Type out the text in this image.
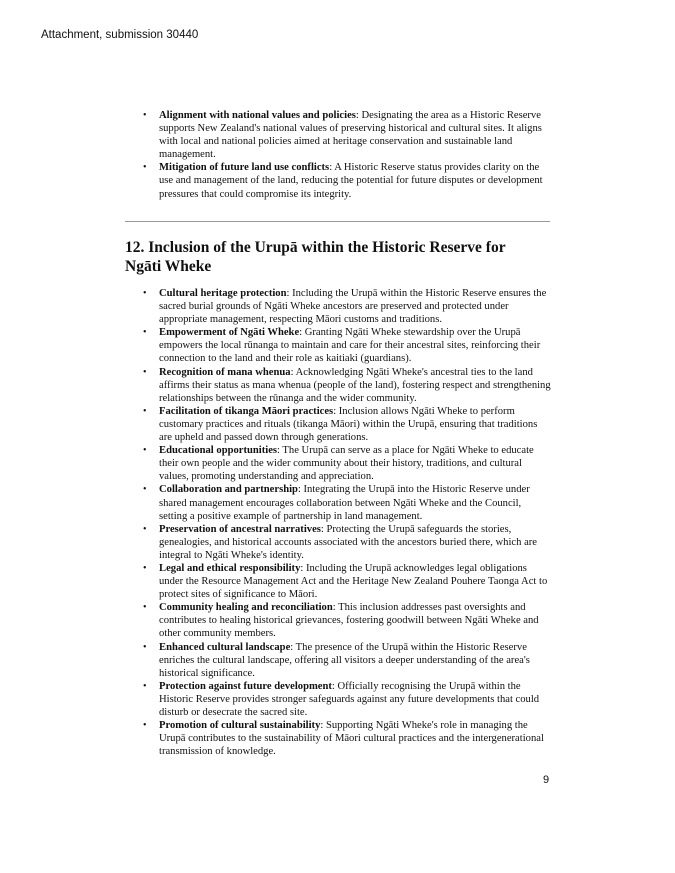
Attachment, submission 30440
• Alignment with national values and policies: Designating the area as a Historic Reserve supports New Zealand's national values of preserving historical and cultural sites. It aligns with local and national policies aimed at heritage conservation and sustainable land management.
• Mitigation of future land use conflicts: A Historic Reserve status provides clarity on the use and management of the land, reducing the potential for future disputes or development pressures that could compromise its integrity.
12. Inclusion of the Urupā within the Historic Reserve for Ngāti Wheke
• Cultural heritage protection: Including the Urupā within the Historic Reserve ensures the sacred burial grounds of Ngāti Wheke ancestors are preserved and protected under appropriate management, respecting Māori customs and traditions.
• Empowerment of Ngāti Wheke: Granting Ngāti Wheke stewardship over the Urupā empowers the local rūnanga to maintain and care for their ancestral sites, reinforcing their connection to the land and their role as kaitiaki (guardians).
• Recognition of mana whenua: Acknowledging Ngāti Wheke's ancestral ties to the land affirms their status as mana whenua (people of the land), fostering respect and strengthening relationships between the rūnanga and the wider community.
• Facilitation of tikanga Māori practices: Inclusion allows Ngāti Wheke to perform customary practices and rituals (tikanga Māori) within the Urupā, ensuring that traditions are upheld and passed down through generations.
• Educational opportunities: The Urupā can serve as a place for Ngāti Wheke to educate their own people and the wider community about their history, traditions, and cultural values, promoting understanding and appreciation.
• Collaboration and partnership: Integrating the Urupā into the Historic Reserve under shared management encourages collaboration between Ngāti Wheke and the Council, setting a positive example of partnership in land management.
• Preservation of ancestral narratives: Protecting the Urupā safeguards the stories, genealogies, and historical accounts associated with the ancestors buried there, which are integral to Ngāti Wheke's identity.
• Legal and ethical responsibility: Including the Urupā acknowledges legal obligations under the Resource Management Act and the Heritage New Zealand Pouhere Taonga Act to protect sites of significance to Māori.
• Community healing and reconciliation: This inclusion addresses past oversights and contributes to healing historical grievances, fostering goodwill between Ngāti Wheke and other community members.
• Enhanced cultural landscape: The presence of the Urupā within the Historic Reserve enriches the cultural landscape, offering all visitors a deeper understanding of the area's historical significance.
• Protection against future development: Officially recognising the Urupā within the Historic Reserve provides stronger safeguards against any future developments that could disturb or desecrate the sacred site.
• Promotion of cultural sustainability: Supporting Ngāti Wheke's role in managing the Urupā contributes to the sustainability of Māori cultural practices and the intergenerational transmission of knowledge.
9
